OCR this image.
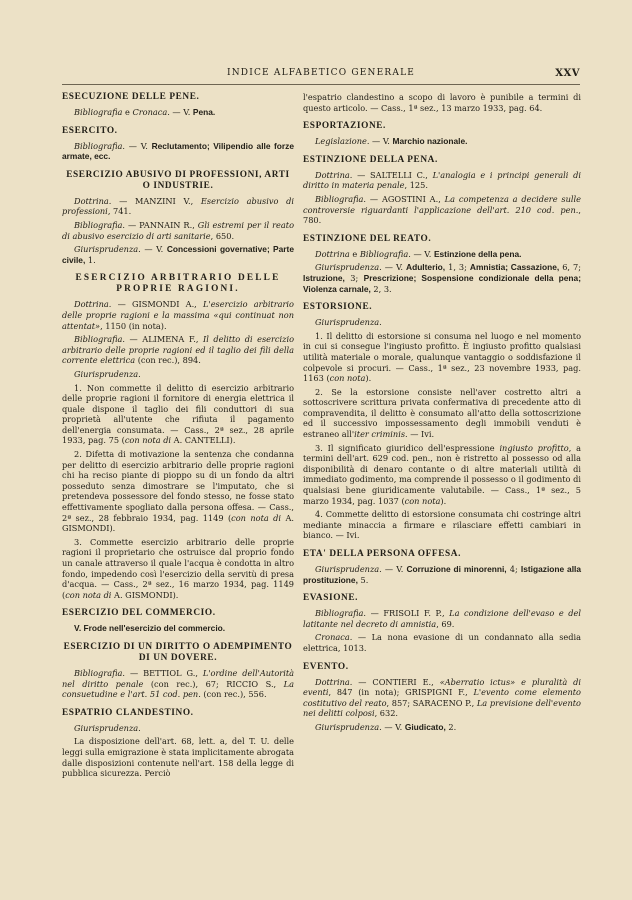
INDICE ALFABETICO GENERALE	XXV
ESECUZIONE DELLE PENE.

Bibliografia e Cronaca. — V. Pena.

ESERCITO.

Bibliografia. — V. Reclutamento; Vilipendio alle forze armate, ecc.

ESERCIZIO ABUSIVO DI PROFESSIONI, ARTI O INDUSTRIE.

Dottrina. — MANZINI V., Esercizio abusivo di professioni, 741.

Bibliografia. — PANNAIN R., Gli estremi per il reato di abusivo esercizio di arti sanitarie, 650.

Giurisprudenza. — V. Concessioni governative; Parte civile, 1.

ESERCIZIO ARBITRARIO DELLE PROPRIE RAGIONI.

Dottrina. — GISMONDI A., L'esercizio arbitrario delle proprie ragioni e la massima «qui continuat non attentat», 1150 (in nota).

Bibliografia. — ALIMENA F., Il delitto di esercizio arbitrario delle proprie ragioni ed il taglio dei fili della corrente elettrica (con rec.), 894.

Giurisprudenza.

1. Non commette il delitto di esercizio arbitrario delle proprie ragioni il fornitore di energia elettrica il quale dispone il taglio dei fili conduttori di sua proprietà all'utente che rifiuta il pagamento dell'energia consumata. — Cass., 2ª sez., 28 aprile 1933, pag. 75 (con nota di A. CANTELLI).

2. Difetta di motivazione la sentenza che condanna per delitto di esercizio arbitrario delle proprie ragioni chi ha reciso piante di pioppo su di un fondo da altri posseduto senza dimostrare se l'imputato, che si pretendeva possessore del fondo stesso, ne fosse stato effettivamente spogliato dalla persona offesa. — Cass., 2ª sez., 28 febbraio 1934, pag. 1149 (con nota di A. GISMONDI).

3. Commette esercizio arbitrario delle proprie ragioni il proprietario che ostruisce dal proprio fondo un canale attraverso il quale l'acqua è condotta in altro fondo, impedendo così l'esercizio della servitù di presa d'acqua. — Cass., 2ª sez., 16 marzo 1934, pag. 1149 (con nota di A. GISMONDI).

ESERCIZIO DEL COMMERCIO.

V. Frode nell'esercizio del commercio.

ESERCIZIO DI UN DIRITTO O ADEMPIMENTO DI UN DOVERE.

Bibliografia. — BETTIOL G., L'ordine dell'Autorità nel diritto penale (con rec.), 67; RICCIO S., La consuetudine e l'art. 51 cod. pen. (con rec.), 556.

ESPATRIO CLANDESTINO.

Giurisprudenza.

La disposizione dell'art. 68, lett. a, del T. U. delle leggi sulla emigrazione è stata implicitamente abrogata dalle disposizioni contenute nell'art. 158 della legge di pubblica sicurezza. Perciò

l'espatrio clandestino a scopo di lavoro è punibile a termini di questo articolo. — Cass., 1ª sez., 13 marzo 1933, pag. 64.

ESPORTAZIONE.

Legislazione. — V. Marchio nazionale.

ESTINZIONE DELLA PENA.

Dottrina. — SALTELLI C., L'analogia e i principi generali di diritto in materia penale, 125.

Bibliografia. — AGOSTINI A., La competenza a decidere sulle controversie riguardanti l'applicazione dell'art. 210 cod. pen., 780.

ESTINZIONE DEL REATO.

Dottrina e Bibliografia. — V. Estinzione della pena.

Giurisprudenza. — V. Adulterio, 1, 3; Amnistia; Cassazione, 6, 7; Istruzione, 3; Prescrizione; Sospensione condizionale della pena; Violenza carnale, 2, 3.

ESTORSIONE.

Giurisprudenza.

1. Il delitto di estorsione si consuma nel luogo e nel momento in cui si consegue l'ingiusto profitto. È ingiusto profitto qualsiasi utilità materiale o morale, qualunque vantaggio o soddisfazione il colpevole si procuri. — Cass., 1ª sez., 23 novembre 1933, pag. 1163 (con nota).

2. Se la estorsione consiste nell'aver costretto altri a sottoscrivere scrittura privata confermativa di precedente atto di compravendita, il delitto è consumato all'atto della sottoscrizione ed il successivo impossessamento degli immobili venduti è estraneo all'iter criminis. — Ivi.

3. Il significato giuridico dell'espressione ingiusto profitto, a termini dell'art. 629 cod. pen., non è ristretto al possesso od alla disponibilità di denaro contante o di altre materiali utilità di immediato godimento, ma comprende il possesso o il godimento di qualsiasi bene giuridicamente valutabile. — Cass., 1ª sez., 5 marzo 1934, pag. 1037 (con nota).

4. Commette delitto di estorsione consumata chi costringe altri mediante minaccia a firmare e rilasciare effetti cambiari in bianco. — Ivi.

ETA' DELLA PERSONA OFFESA.

Giurisprudenza. — V. Corruzione di minorenni, 4; Istigazione alla prostituzione, 5.

EVASIONE.

Bibliografia. — FRISOLI F. P., La condizione dell'evaso e del latitante nel decreto di amnistia, 69.

Cronaca. — La nona evasione di un condannato alla sedia elettrica, 1013.

EVENTO.

Dottrina. — CONTIERI E., «Aberratio ictus» e pluralità di eventi, 847 (in nota); GRISPIGNI F., L'evento come elemento costitutivo del reato, 857; SARACENO P., La previsione dell'evento nei delitti colposi, 632.

Giurisprudenza. — V. Giudicato, 2.
